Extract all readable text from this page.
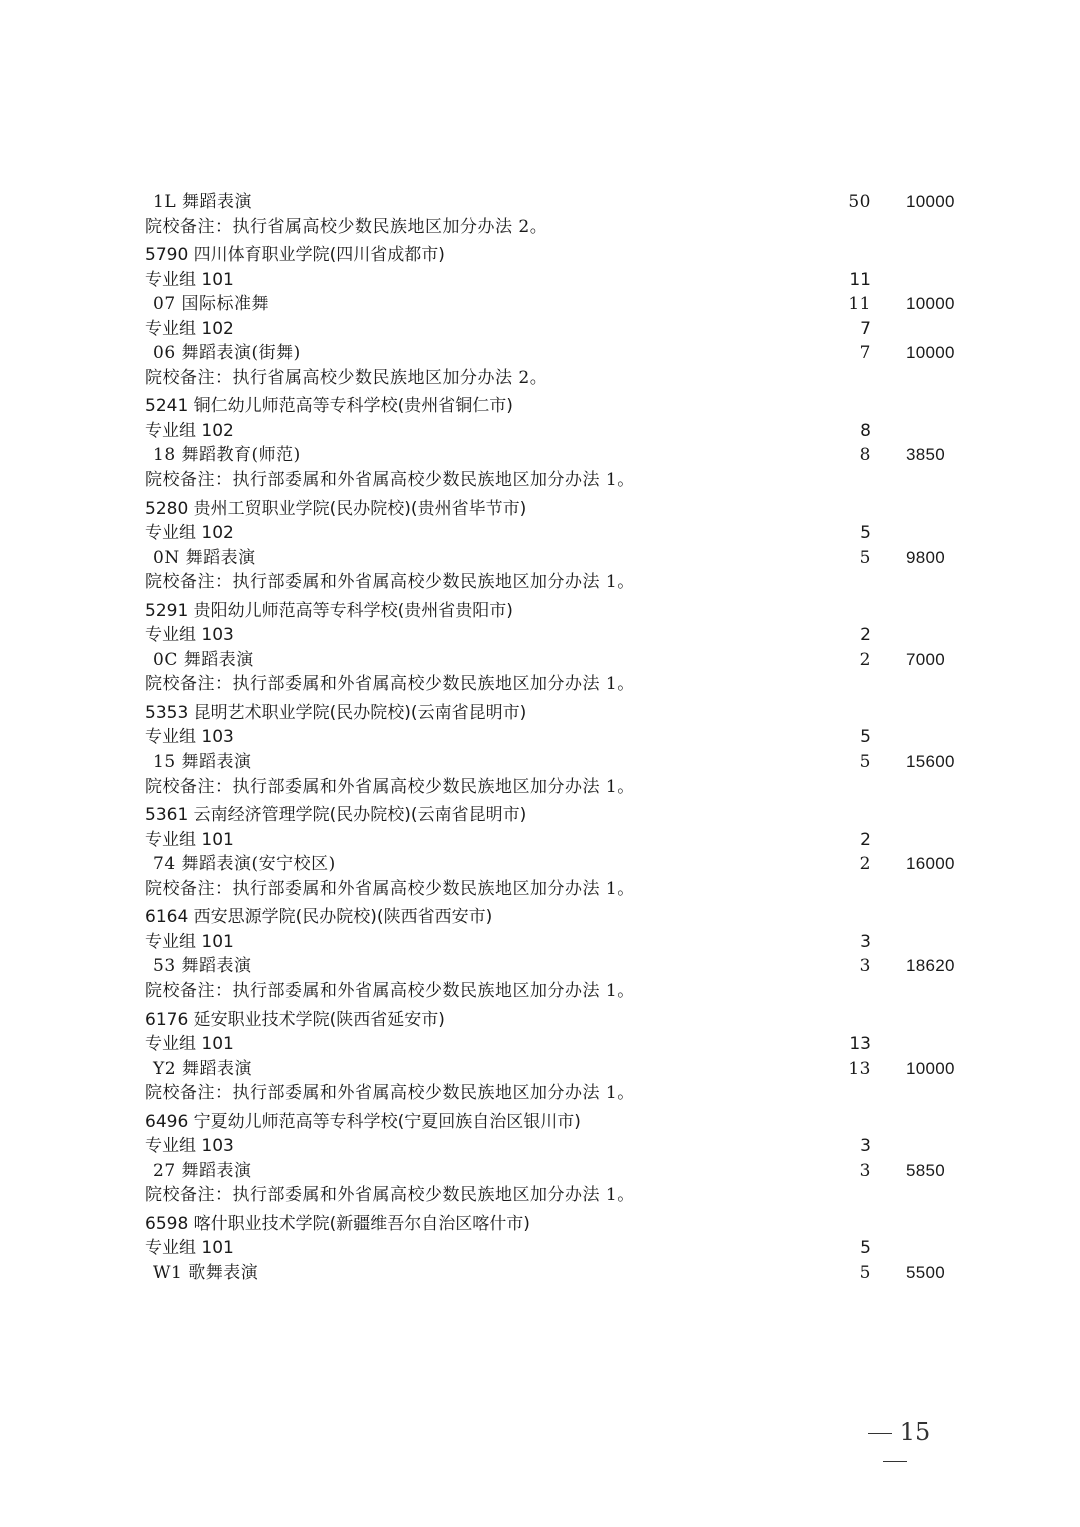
1L 舞蹈表演	50 10000
院校备注：执行省属高校少数民族地区加分办法 2。
5790 四川体育职业学院(四川省成都市)
专业组 101	11
07 国际标准舞	11 10000
专业组 102	7
06 舞蹈表演(街舞)	7 10000
院校备注：执行省属高校少数民族地区加分办法 2。
5241 铜仁幼儿师范高等专科学校(贵州省铜仁市)
专业组 102	8
18 舞蹈教育(师范)	8 3850
院校备注：执行部委属和外省属高校少数民族地区加分办法 1。
5280 贵州工贸职业学院(民办院校)(贵州省毕节市)
专业组 102	5
0N 舞蹈表演	5 9800
院校备注：执行部委属和外省属高校少数民族地区加分办法 1。
5291 贵阳幼儿师范高等专科学校(贵州省贵阳市)
专业组 103	2
0C 舞蹈表演	2 7000
院校备注：执行部委属和外省属高校少数民族地区加分办法 1。
5353 昆明艺术职业学院(民办院校)(云南省昆明市)
专业组 103	5
15 舞蹈表演	5 15600
院校备注：执行部委属和外省属高校少数民族地区加分办法 1。
5361 云南经济管理学院(民办院校)(云南省昆明市)
专业组 101	2
74 舞蹈表演(安宁校区)	2 16000
院校备注：执行部委属和外省属高校少数民族地区加分办法 1。
6164 西安思源学院(民办院校)(陕西省西安市)
专业组 101	3
53 舞蹈表演	3 18620
院校备注：执行部委属和外省属高校少数民族地区加分办法 1。
6176 延安职业技术学院(陕西省延安市)
专业组 101	13
Y2 舞蹈表演	13 10000
院校备注：执行部委属和外省属高校少数民族地区加分办法 1。
6496 宁夏幼儿师范高等专科学校(宁夏回族自治区银川市)
专业组 103	3
27 舞蹈表演	3 5850
院校备注：执行部委属和外省属高校少数民族地区加分办法 1。
6598 喀什职业技术学院(新疆维吾尔自治区喀什市)
专业组 101	5
W1 歌舞表演	5 5500
15
